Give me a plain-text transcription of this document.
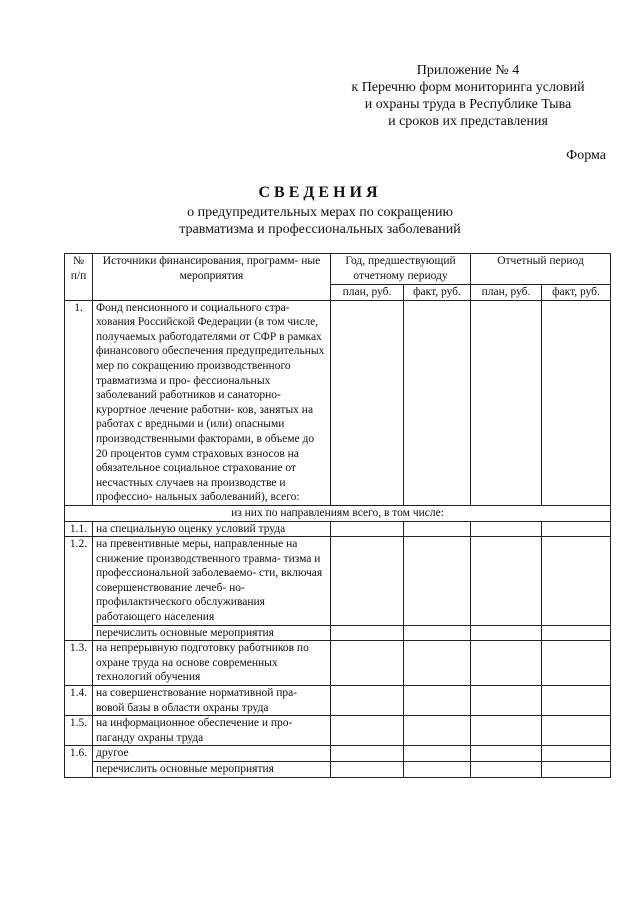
Приложение № 4
к Перечню форм мониторинга условий
и охраны труда в Республике Тыва
и сроков их представления
Форма
СВЕДЕНИЯ
о предупредительных мерах по сокращению
травматизма и профессиональных заболеваний
№ п/п	Источники финансирования, программ- ные мероприятия	Год, предшествующий отчетному периоду		Отчетный период	
		план, руб.	факт, руб.	план, руб.	факт, руб.
1.	Фонд пенсионного и социального стра- хования Российской Федерации (в том числе, получаемых работодателями от СФР в рамках финансового обеспечения предупредительных мер по сокращению производственного травматизма и про- фессиональных заболеваний работников и санаторно-курортное лечение работни- ков, занятых на работах с вредными и (или) опасными производственными факторами, в объеме до 20 процентов сумм страховых взносов на обязательное социальное страхование от несчастных случаев на производстве и профессио- нальных заболеваний), всего:				
из них по направлениям всего, в том числе:					
1.1.	на специальную оценку условий труда				
1.2.	на превентивные меры, направленные на снижение производственного травма- тизма и профессиональной заболеваемо- сти, включая совершенствование лечеб- но-профилактического обслуживания работающего населения				
	перечислить основные мероприятия				
1.3.	на непрерывную подготовку работников по охране труда на основе современных технологий обучения				
1.4.	на совершенствование нормативной пра- вовой базы в области охраны труда				
1.5.	на информационное обеспечение и про- паганду охраны труда				
1.6.	другое				
	перечислить основные мероприятия				
